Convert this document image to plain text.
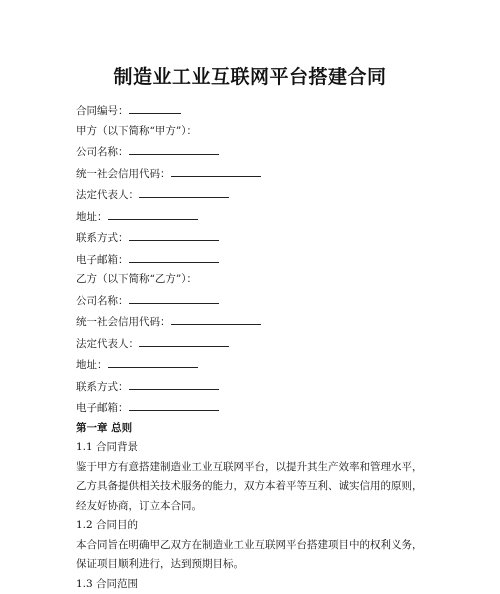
制造业工业互联网平台搭建合同
合同编号：
甲方（以下简称“甲方”）：
公司名称：
统一社会信用代码：
法定代表人：
地址：
联系方式：
电子邮箱：
乙方（以下简称“乙方”）：
公司名称：
统一社会信用代码：
法定代表人：
地址：
联系方式：
电子邮箱：
第一章 总则
1.1 合同背景
鉴于甲方有意搭建制造业工业互联网平台，以提升其生产效率和管理水平，乙方具备提供相关技术服务的能力，双方本着平等互利、诚实信用的原则，经友好协商，订立本合同。
1.2 合同目的
本合同旨在明确甲乙双方在制造业工业互联网平台搭建项目中的权利义务，保证项目顺利进行，达到预期目标。
1.3 合同范围
